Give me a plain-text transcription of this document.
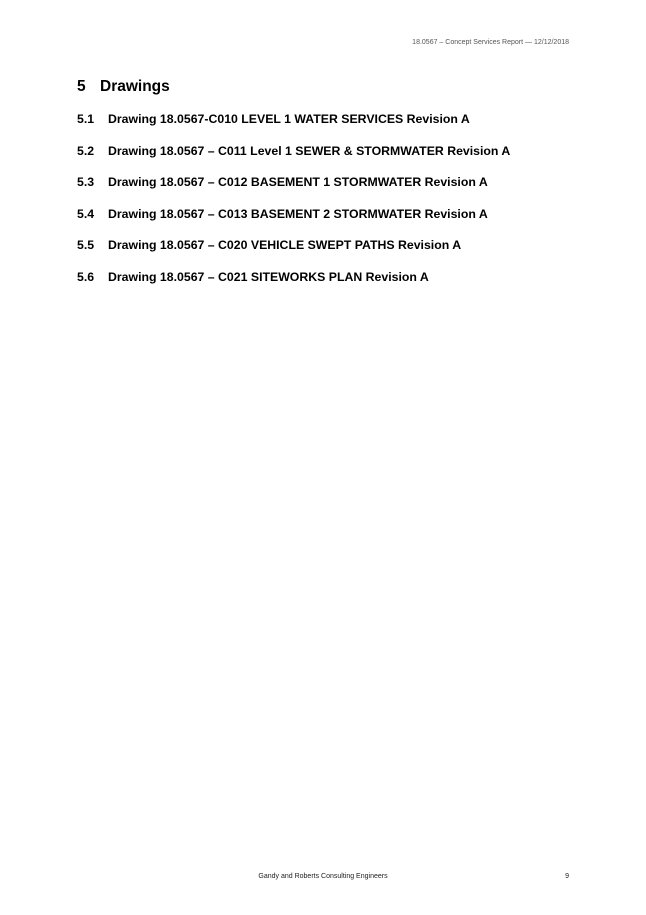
18.0567 – Concept Services Report — 12/12/2018
5 Drawings
5.1 Drawing 18.0567-C010 LEVEL 1 WATER SERVICES Revision A
5.2 Drawing 18.0567 – C011 Level 1 SEWER & STORMWATER Revision A
5.3 Drawing 18.0567 – C012 BASEMENT 1 STORMWATER Revision A
5.4 Drawing 18.0567 – C013 BASEMENT 2 STORMWATER Revision A
5.5 Drawing 18.0567 – C020 VEHICLE SWEPT PATHS Revision A
5.6 Drawing 18.0567 – C021 SITEWORKS PLAN Revision A
Gandy and Roberts Consulting Engineers	9
